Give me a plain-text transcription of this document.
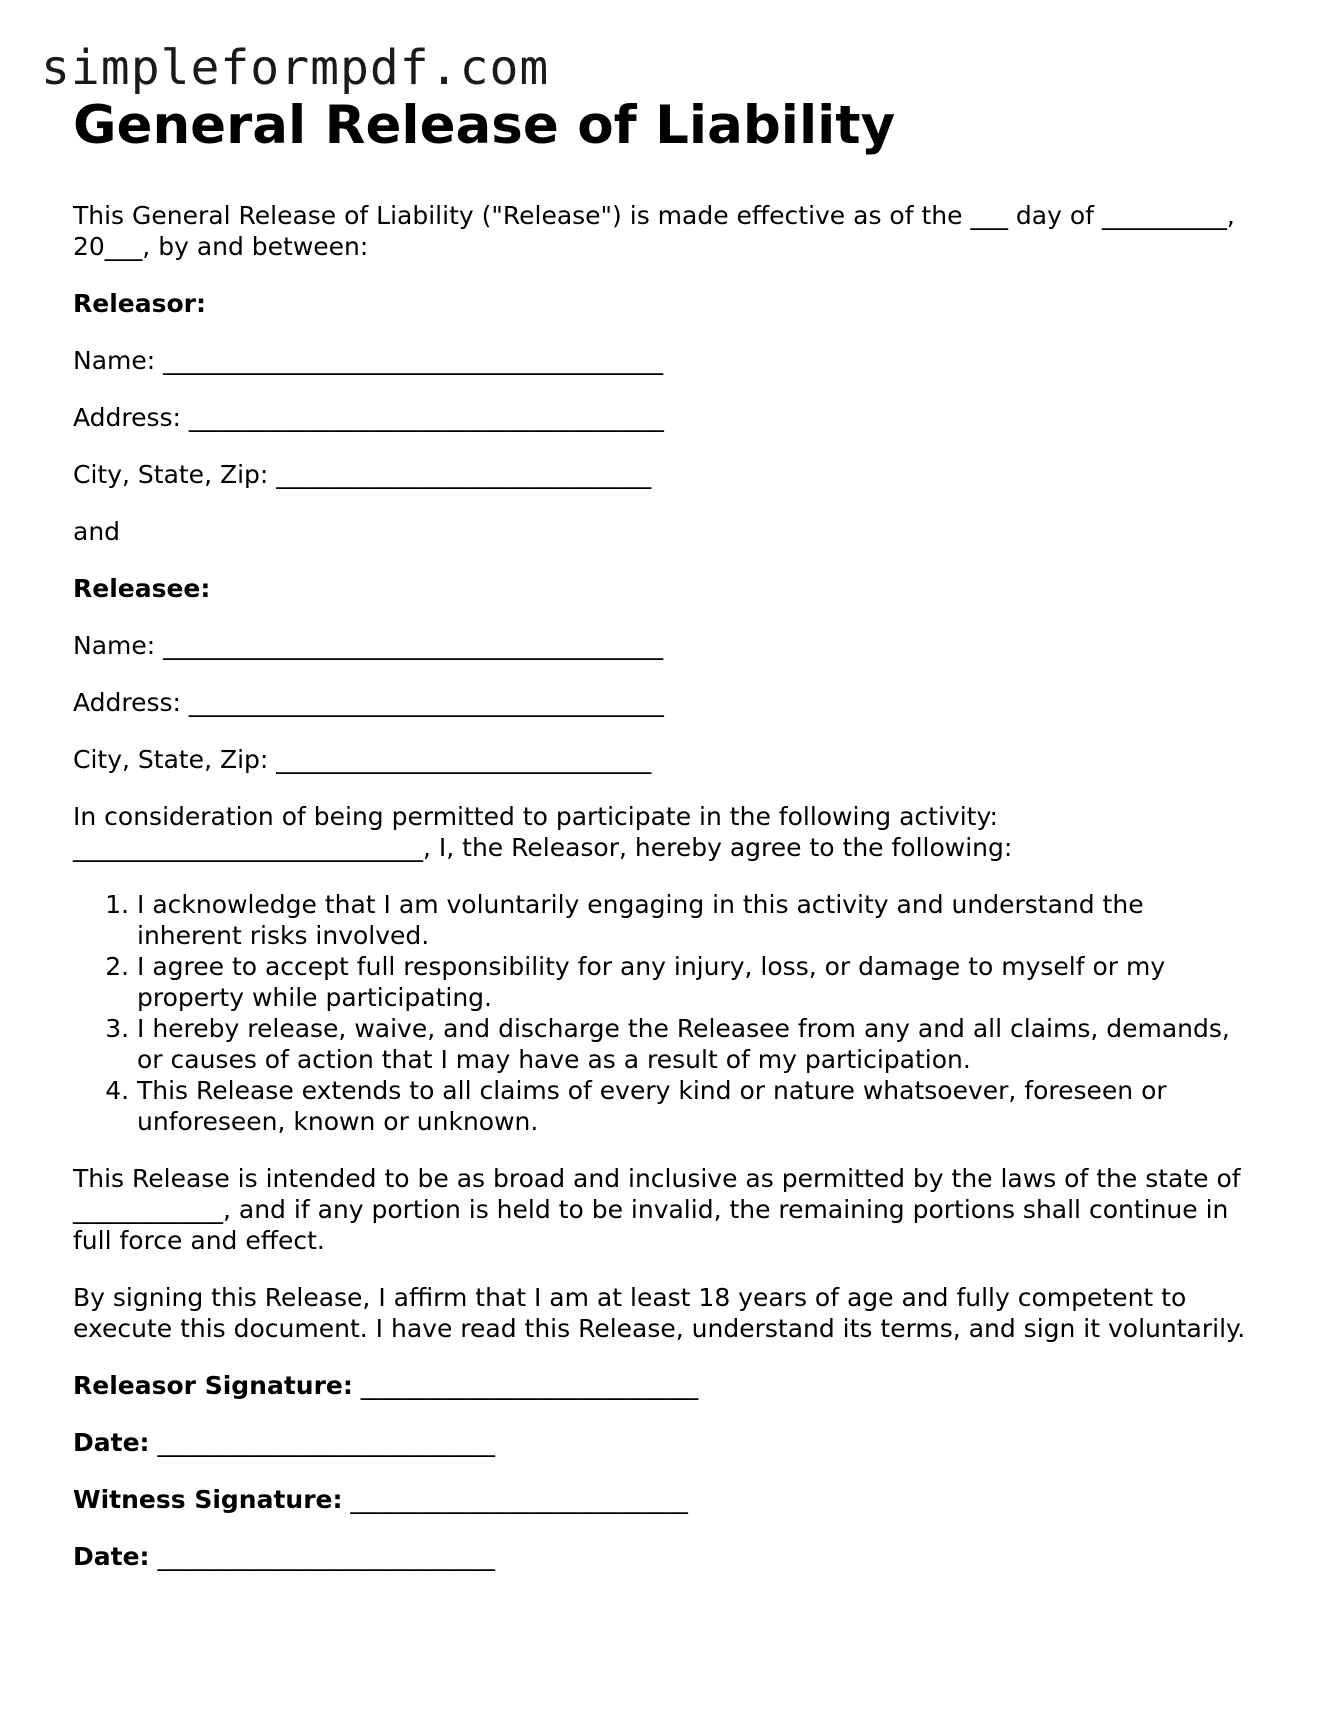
simpleformpdf.com
General Release of Liability

This General Release of Liability ("Release") is made effective as of the ___ day of __________, 20___, by and between:

Releasor:
Name: ________________________________________
Address: ______________________________________
City, State, Zip: ______________________________
and
Releasee:
Name: ________________________________________
Address: ______________________________________
City, State, Zip: ______________________________

In consideration of being permitted to participate in the following activity: ____________________________, I, the Releasor, hereby agree to the following:

1. I acknowledge that I am voluntarily engaging in this activity and understand the inherent risks involved.
2. I agree to accept full responsibility for any injury, loss, or damage to myself or my property while participating.
3. I hereby release, waive, and discharge the Releasee from any and all claims, demands, or causes of action that I may have as a result of my participation.
4. This Release extends to all claims of every kind or nature whatsoever, foreseen or unforeseen, known or unknown.

This Release is intended to be as broad and inclusive as permitted by the laws of the state of ____________, and if any portion is held to be invalid, the remaining portions shall continue in full force and effect.

By signing this Release, I affirm that I am at least 18 years of age and fully competent to execute this document. I have read this Release, understand its terms, and sign it voluntarily.

Releasor Signature: ___________________________
Date: ___________________________
Witness Signature: ___________________________
Date: ___________________________
